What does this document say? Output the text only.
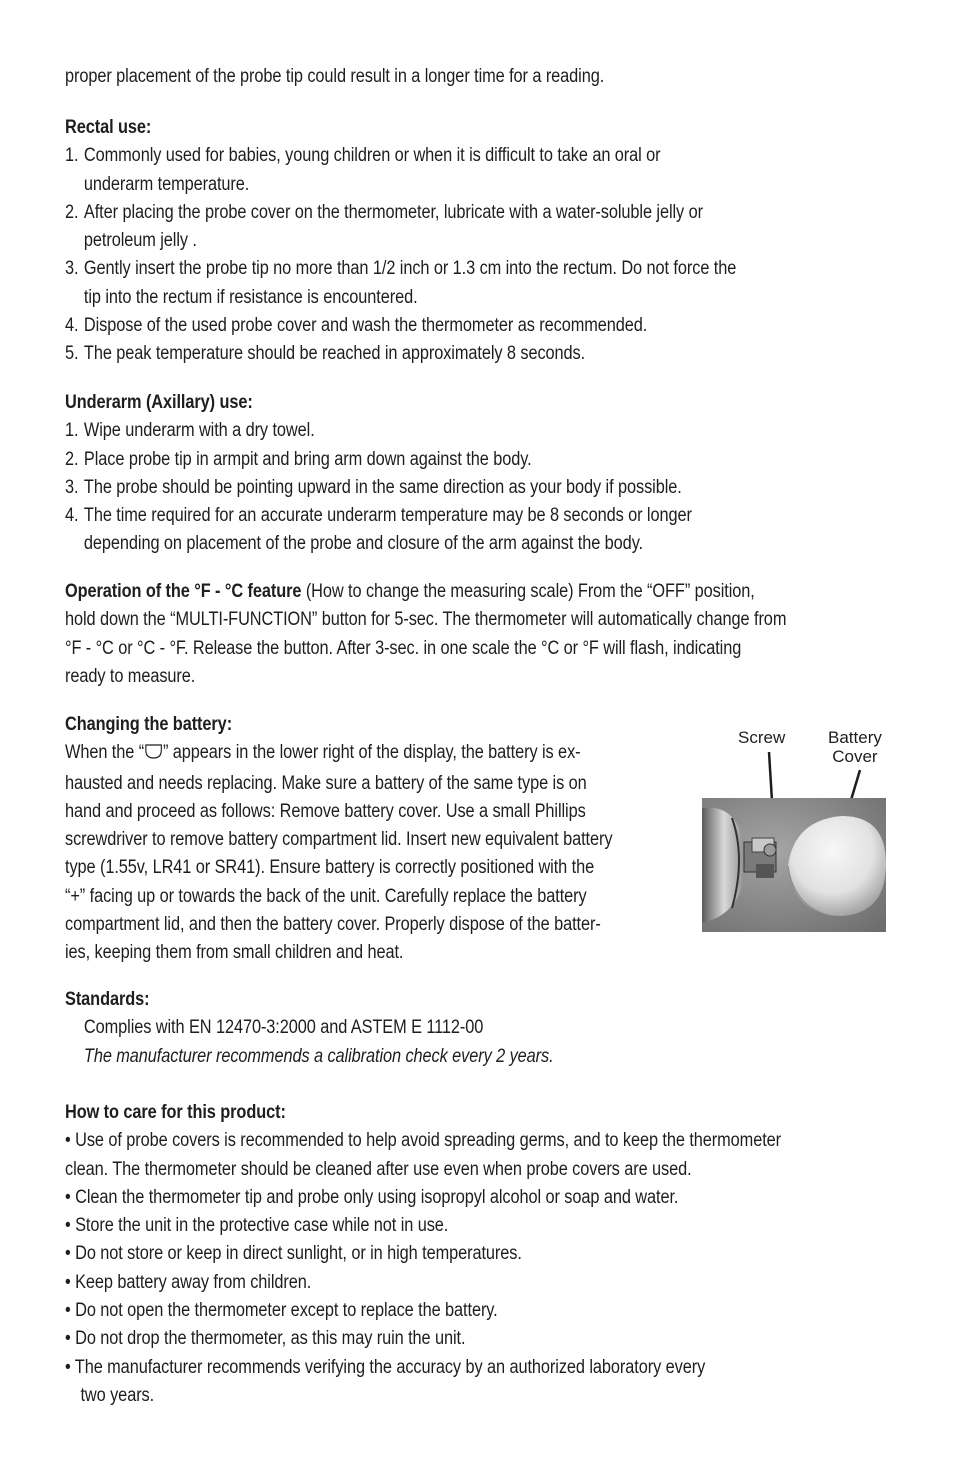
proper placement of the probe tip could result in a longer time for a reading.
Rectal use:
1. Commonly used for babies, young children or when it is difficult to take an oral or
underarm temperature.
2. After placing the probe cover on the thermometer, lubricate with a water-soluble jelly or
petroleum jelly .
3. Gently insert the probe tip no more than 1/2 inch or 1.3 cm into the rectum. Do not force the
tip into the rectum if resistance is encountered.
4. Dispose of the used probe cover and wash the thermometer as recommended.
5. The peak temperature should be reached in approximately 8 seconds.
Underarm (Axillary) use:
1. Wipe underarm with a dry towel.
2. Place probe tip in armpit and bring arm down against the body.
3. The probe should be pointing upward in the same direction as your body if possible.
4. The time required for an accurate underarm temperature may be 8 seconds or longer
depending on placement of the probe and closure of the arm against the body.
Operation of the °F - °C feature (How to change the measuring scale) From the “OFF” position,
hold down the “MULTI-FUNCTION” button for 5-sec. The thermometer will automatically change from
°F - °C or °C - °F. Release the button. After 3-sec. in one scale the °C or °F will flash, indicating
ready to measure.
Changing the battery:
When the “ ” appears in the lower right of the display, the battery is ex-
hausted and needs replacing. Make sure a battery of the same type is on
hand and proceed as follows: Remove battery cover. Use a small Phillips
screwdriver to remove battery compartment lid. Insert new equivalent battery
type (1.55v, LR41 or SR41). Ensure battery is correctly positioned with the
“+” facing up or towards the back of the unit. Carefully replace the battery
compartment lid, and then the battery cover. Properly dispose of the batter-
ies, keeping them from small children and heat.
Screw	Battery
Cover
Standards:
Complies with EN 12470-3:2000 and ASTEM E 1112-00
The manufacturer recommends a calibration check every 2 years.
How to care for this product:
• Use of probe covers is recommended to help avoid spreading germs, and to keep the thermometer
clean. The thermometer should be cleaned after use even when probe covers are used.
• Clean the thermometer tip and probe only using isopropyl alcohol or soap and water.
• Store the unit in the protective case while not in use.
• Do not store or keep in direct sunlight, or in high temperatures.
• Keep battery away from children.
• Do not open the thermometer except to replace the battery.
• Do not drop the thermometer, as this may ruin the unit.
• The manufacturer recommends verifying the accuracy by an authorized laboratory every
two years.
